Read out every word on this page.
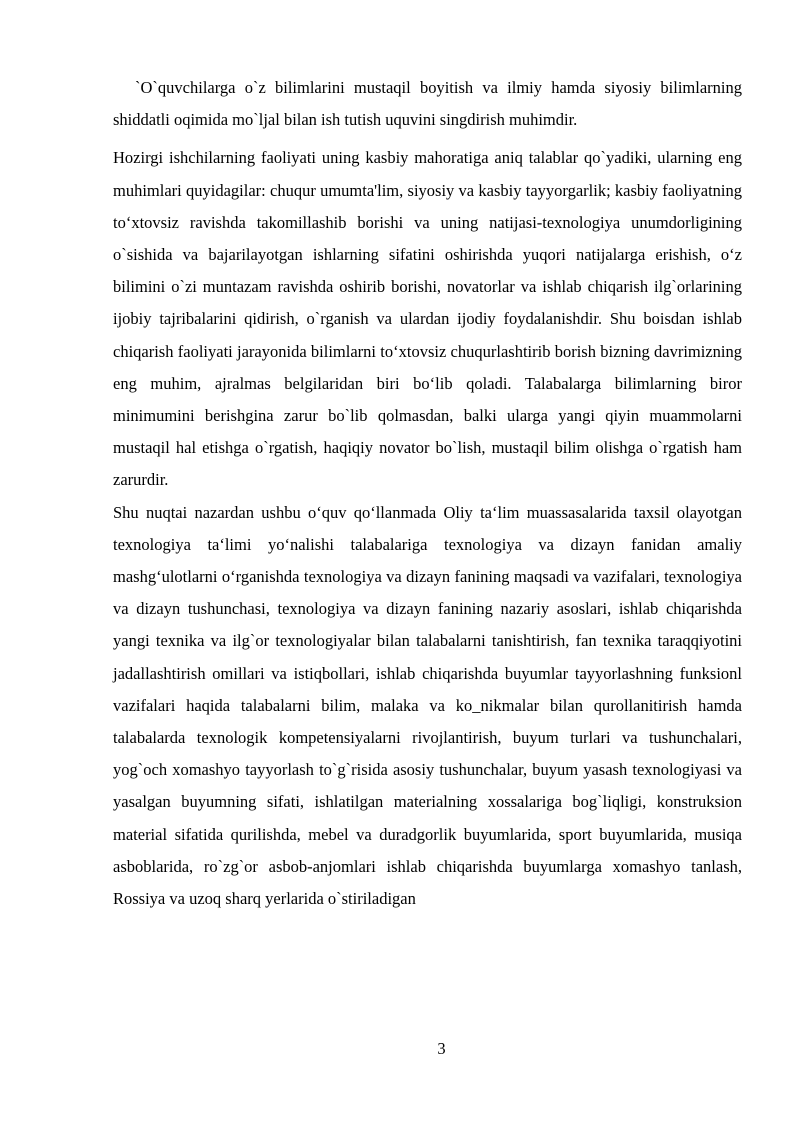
`O`quvchilarga o`z bilimlarini mustaqil boyitish va ilmiy hamda siyosiy bilimlarning shiddatli oqimida mo`ljal bilan ish tutish uquvini singdirish muhimdir.

Hozirgi ishchilarning faoliyati uning kasbiy mahoratiga aniq talablar qo`yadiki, ularning eng muhimlari quyidagilar: chuqur umumta'lim, siyosiy va kasbiy tayyorgarlik; kasbiy faoliyatning to‘xtovsiz ravishda takomillashib borishi va uning natijasi-texnologiya unumdorligining o`sishida va bajarilayotgan ishlarning sifatini oshirishda yuqori natijalarga erishish, o‘z bilimini o`zi muntazam ravishda oshirib borishi, novatorlar va ishlab chiqarish ilg`orlarining ijobiy tajribalarini qidirish, o`rganish va ulardan ijodiy foydalanishdir. Shu boisdan ishlab chiqarish faoliyati jarayonida bilimlarni to‘xtovsiz chuqurlashtirib borish bizning davrimizning eng muhim, ajralmas belgilaridan biri bo‘lib qoladi. Talabalarga bilimlarning biror minimumini berishgina zarur bo`lib qolmasdan, balki ularga yangi qiyin muammolarni mustaqil hal etishga o`rgatish, haqiqiy novator bo`lish, mustaqil bilim olishga o`rgatish ham zarurdir.

Shu nuqtai nazardan ushbu o‘quv qo‘llanmada Oliy ta‘lim muassasalarida taxsil olayotgan texnologiya ta‘limi yo‘nalishi talabalariga texnologiya va dizayn fanidan amaliy mashg‘ulotlarni o‘rganishda texnologiya va dizayn fanining maqsadi va vazifalari, texnologiya va dizayn tushunchasi, texnologiya va dizayn fanining nazariy asoslari, ishlab chiqarishda yangi texnika va ilg`or texnologiyalar bilan talabalarni tanishtirish, fan texnika taraqqiyotini jadallashtirish omillari va istiqbollari, ishlab chiqarishda buyumlar tayyorlashning funksionl vazifalari haqida talabalarni bilim, malaka va ko_nikmalar bilan qurollanitirish hamda talabalarda texnologik kompetensiyalarni rivojlantirish, buyum turlari va tushunchalari, yog`och xomashyo tayyorlash to`g`risida asosiy tushunchalar, buyum yasash texnologiyasi va yasalgan buyumning sifati, ishlatilgan materialning xossalariga bog`liqligi, konstruksion material sifatida qurilishda, mebel va duradgorlik buyumlarida, sport buyumlarida, musiqa asboblarida, ro`zg`or asbob-anjomlari ishlab chiqarishda buyumlarga xomashyo tanlash, Rossiya va uzoq sharq yerlarida o`stiriladigan

3
